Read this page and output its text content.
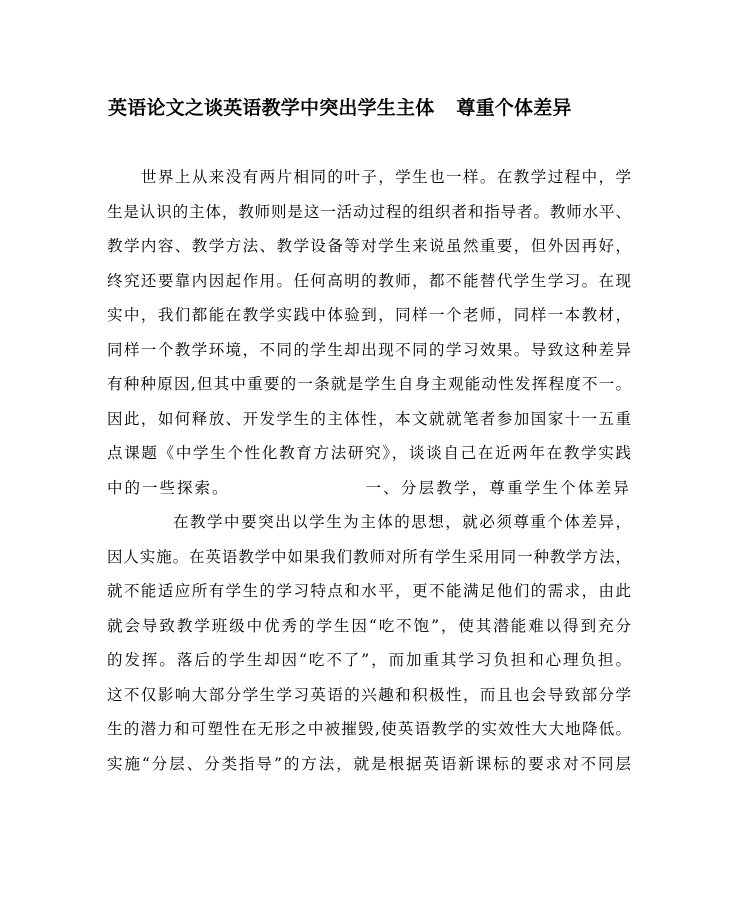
英语论文之谈英语教学中突出学生主体 尊重个体差异
世界上从来没有两片相同的叶子，学生也一样。在教学过程中，学
生是认识的主体，教师则是这一活动过程的组织者和指导者。教师水平、
教学内容、教学方法、教学设备等对学生来说虽然重要，但外因再好，
终究还要靠内因起作用。任何高明的教师，都不能替代学生学习。在现
实中，我们都能在教学实践中体验到，同样一个老师，同样一本教材，
同样一个教学环境，不同的学生却出现不同的学习效果。导致这种差异
有种种原因,但其中重要的一条就是学生自身主观能动性发挥程度不一。
因此，如何释放、开发学生的主体性，本文就就笔者参加国家十一五重
点课题《中学生个性化教育方法研究》，谈谈自己在近两年在教学实践
中的一些探索。	一、分层教学，尊重学生个体差异
在教学中要突出以学生为主体的思想，就必须尊重个体差异，
因人实施。在英语教学中如果我们教师对所有学生采用同一种教学方法，
就不能适应所有学生的学习特点和水平，更不能满足他们的需求，由此
就会导致教学班级中优秀的学生因“吃不饱”，使其潜能难以得到充分
的发挥。落后的学生却因“吃不了”，而加重其学习负担和心理负担。
这不仅影响大部分学生学习英语的兴趣和积极性，而且也会导致部分学
生的潜力和可塑性在无形之中被摧毁,使英语教学的实效性大大地降低。
实施“分层、分类指导”的方法，就是根据英语新课标的要求对不同层
